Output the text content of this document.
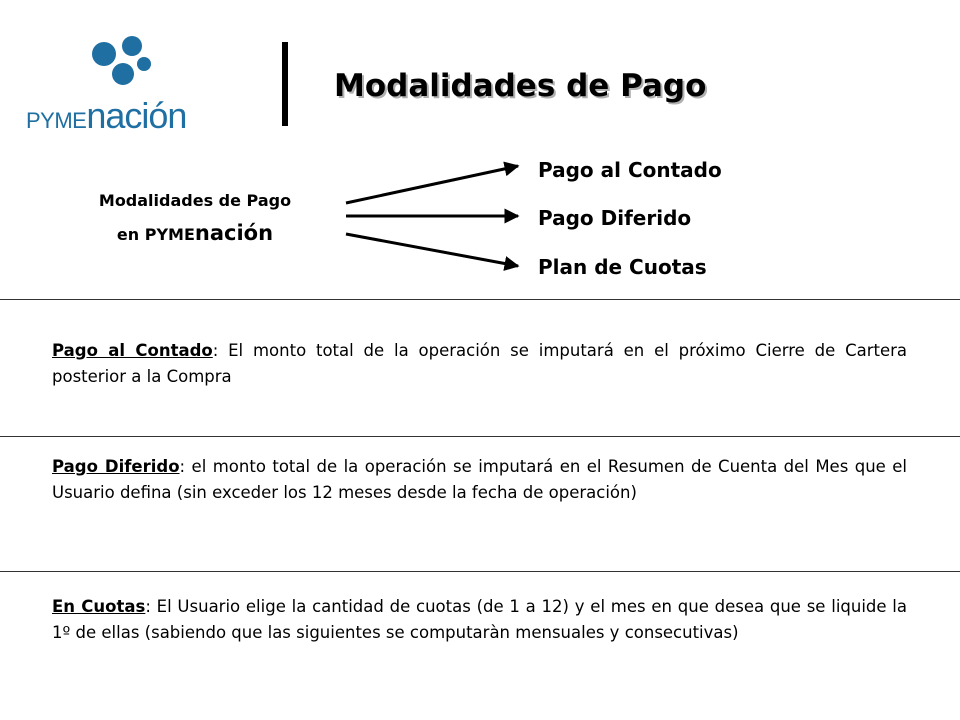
PYMEnación
Modalidades de Pago
Modalidades de Pago
en PYMEnación
Pago al Contado
Pago Diferido
Plan de Cuotas
Pago al Contado: El monto total de la operación se imputará en el próximo Cierre de Cartera posterior a la Compra
Pago Diferido: el monto total de la operación se imputará en el Resumen de Cuenta del Mes que el Usuario defina (sin exceder los 12 meses desde la fecha de operación)
En Cuotas: El Usuario elige la cantidad de cuotas (de 1 a 12) y el mes en que desea que se liquide la 1º de ellas (sabiendo que las siguientes se computaràn mensuales y consecutivas)
